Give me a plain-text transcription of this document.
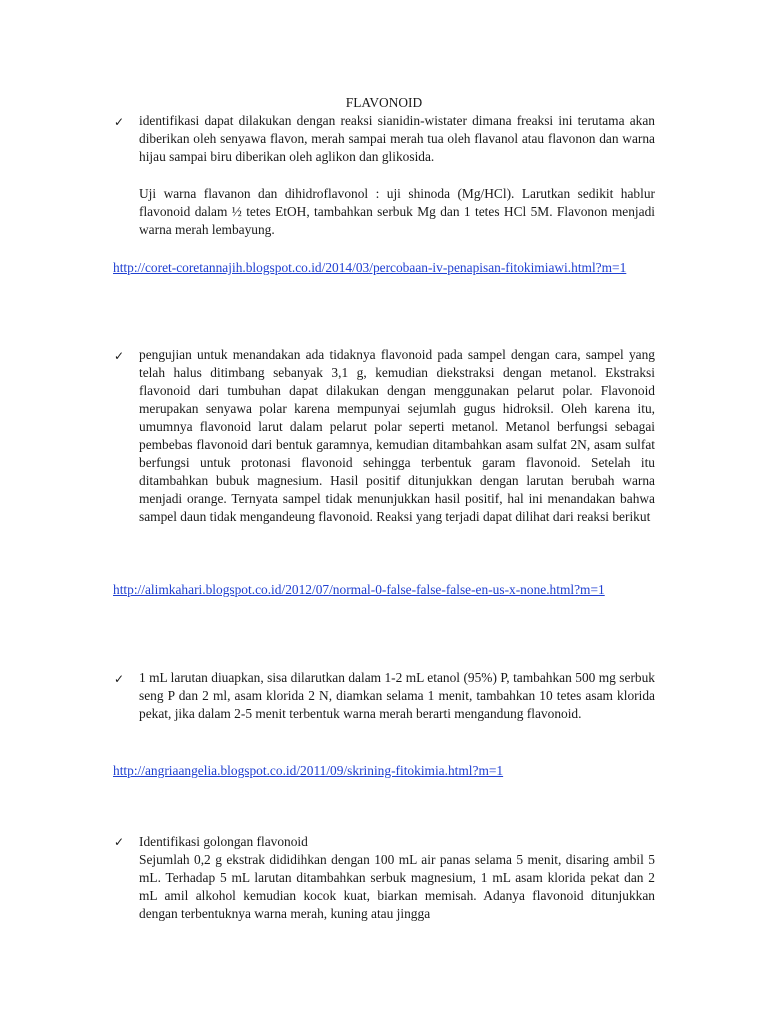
FLAVONOID
✓ identifikasi dapat dilakukan dengan reaksi sianidin-wistater dimana freaksi ini terutama akan diberikan oleh senyawa flavon, merah sampai merah tua oleh flavanol atau flavonon dan warna hijau sampai biru diberikan oleh aglikon dan glikosida.

Uji warna flavanon dan dihidroflavonol : uji shinoda (Mg/HCl). Larutkan sedikit hablur flavonoid dalam ½ tetes EtOH, tambahkan serbuk Mg dan 1 tetes HCl 5M. Flavonon menjadi warna merah lembayung.

http://coret-coretannajih.blogspot.co.id/2014/03/percobaan-iv-penapisan-fitokimiawi.html?m=1
✓ pengujian untuk menandakan ada tidaknya flavonoid pada sampel dengan cara, sampel yang telah halus ditimbang sebanyak 3,1 g, kemudian diekstraksi dengan metanol. Ekstraksi flavonoid dari tumbuhan dapat dilakukan dengan menggunakan pelarut polar. Flavonoid merupakan senyawa polar karena mempunyai sejumlah gugus hidroksil. Oleh karena itu, umumnya flavonoid larut dalam pelarut polar seperti metanol. Metanol berfungsi sebagai pembebas flavonoid dari bentuk garamnya, kemudian ditambahkan asam sulfat 2N, asam sulfat berfungsi untuk protonasi flavonoid sehingga terbentuk garam flavonoid. Setelah itu ditambahkan bubuk magnesium. Hasil positif ditunjukkan dengan larutan berubah warna menjadi orange. Ternyata sampel tidak menunjukkan hasil positif, hal ini menandakan bahwa sampel daun tidak mengandeung flavonoid. Reaksi yang terjadi dapat dilihat dari reaksi berikut

http://alimkahari.blogspot.co.id/2012/07/normal-0-false-false-false-en-us-x-none.html?m=1
✓ 1 mL larutan diuapkan, sisa dilarutkan dalam 1-2 mL etanol (95%) P, tambahkan 500 mg serbuk seng P dan 2 ml, asam klorida 2 N, diamkan selama 1 menit, tambahkan 10 tetes asam klorida pekat, jika dalam 2-5 menit terbentuk warna merah berarti mengandung flavonoid.

http://angriaangelia.blogspot.co.id/2011/09/skrining-fitokimia.html?m=1
✓ Identifikasi golongan flavonoid

Sejumlah 0,2 g ekstrak dididihkan dengan 100 mL air panas selama 5 menit, disaring ambil 5 mL. Terhadap 5 mL larutan ditambahkan serbuk magnesium, 1 mL asam klorida pekat dan 2 mL amil alkohol kemudian kocok kuat, biarkan memisah. Adanya flavonoid ditunjukkan dengan terbentuknya warna merah, kuning atau jingga
